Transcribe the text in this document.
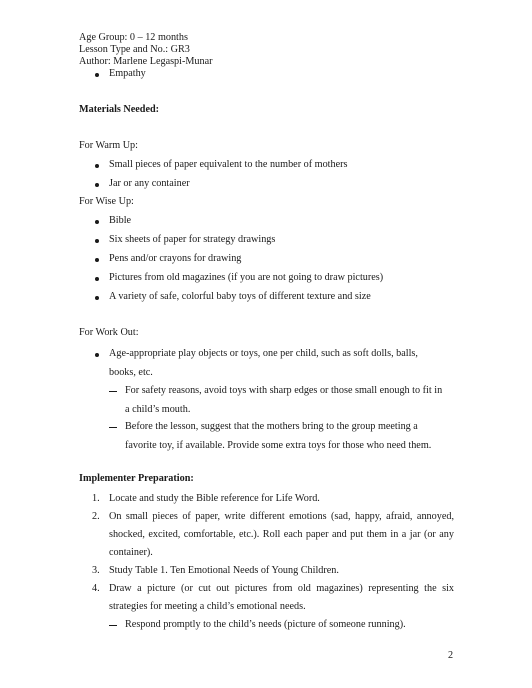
Age Group: 0 – 12 months
Lesson Type and No.: GR3
Author: Marlene Legaspi-Munar
Empathy
Materials Needed:
For Warm Up:
Small pieces of paper equivalent to the number of mothers
Jar or any container
For Wise Up:
Bible
Six sheets of paper for strategy drawings
Pens and/or crayons for drawing
Pictures from old magazines (if you are not going to draw pictures)
A variety of safe, colorful baby toys of different texture and size
For Work Out:
Age-appropriate play objects or toys, one per child, such as soft dolls, balls,
books, etc.
For safety reasons, avoid toys with sharp edges or those small enough to fit in
a child’s mouth.
Before the lesson, suggest that the mothers bring to the group meeting a
favorite toy, if available. Provide some extra toys for those who need them.
Implementer Preparation:
1. Locate and study the Bible reference for Life Word.
2. On small pieces of paper, write different emotions (sad, happy, afraid, annoyed,
shocked, excited, comfortable, etc.). Roll each paper and put them in a jar (or any
container).
3. Study Table 1. Ten Emotional Needs of Young Children.
4. Draw a picture (or cut out pictures from old magazines) representing the six
strategies for meeting a child’s emotional needs.
Respond promptly to the child’s needs (picture of someone running).
2
